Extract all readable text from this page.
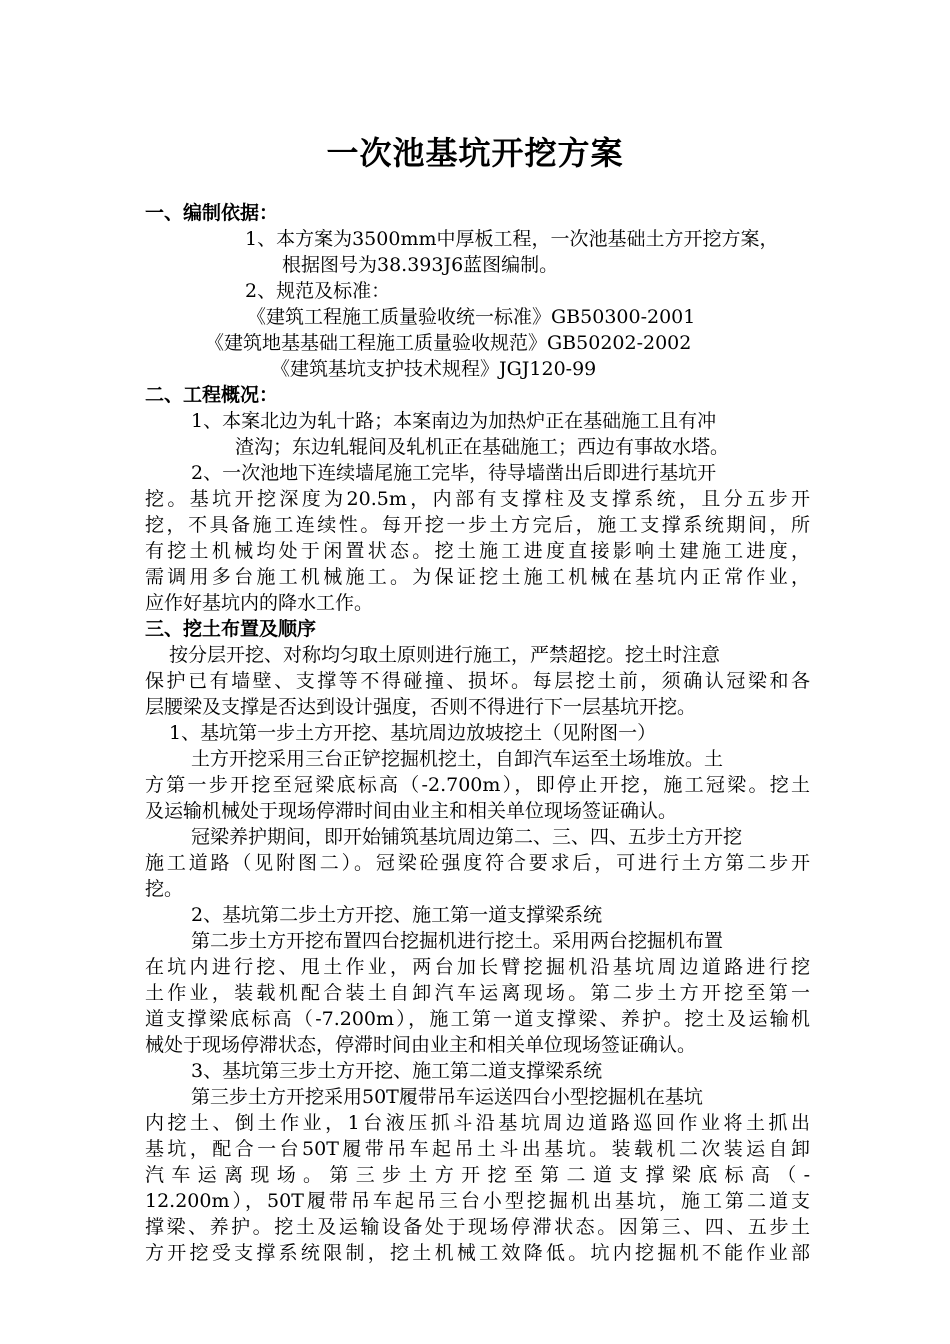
一次池基坑开挖方案
一、编制依据：
1、本方案为3500mm中厚板工程，一次池基础土方开挖方案，
根据图号为38.393J6蓝图编制。
2、规范及标准：
《建筑工程施工质量验收统一标准》GB50300-2001
《建筑地基基础工程施工质量验收规范》GB50202-2002
《建筑基坑支护技术规程》JGJ120-99
二、工程概况：
1、本案北边为轧十路；本案南边为加热炉正在基础施工且有冲
渣沟；东边轧辊间及轧机正在基础施工；西边有事故水塔。
2、一次池地下连续墙尾施工完毕，待导墙凿出后即进行基坑开
挖。基坑开挖深度为20.5m，内部有支撑柱及支撑系统，且分五步开
挖，不具备施工连续性。每开挖一步土方完后，施工支撑系统期间，所
有挖土机械均处于闲置状态。挖土施工进度直接影响土建施工进度，
需调用多台施工机械施工。为保证挖土施工机械在基坑内正常作业，
应作好基坑内的降水工作。
三、挖土布置及顺序
按分层开挖、对称均匀取土原则进行施工，严禁超挖。挖土时注意
保护已有墙壁、支撑等不得碰撞、损坏。每层挖土前，须确认冠梁和各
层腰梁及支撑是否达到设计强度，否则不得进行下一层基坑开挖。
1、基坑第一步土方开挖、基坑周边放坡挖土（见附图一）
土方开挖采用三台正铲挖掘机挖土，自卸汽车运至土场堆放。土
方第一步开挖至冠梁底标高（-2.700m），即停止开挖，施工冠梁。挖土
及运输机械处于现场停滞时间由业主和相关单位现场签证确认。
冠梁养护期间，即开始铺筑基坑周边第二、三、四、五步土方开挖
施工道路（见附图二）。冠梁砼强度符合要求后，可进行土方第二步开
挖。
2、基坑第二步土方开挖、施工第一道支撑梁系统
第二步土方开挖布置四台挖掘机进行挖土。采用两台挖掘机布置
在坑内进行挖、甩土作业，两台加长臂挖掘机沿基坑周边道路进行挖
土作业，装载机配合装土自卸汽车运离现场。第二步土方开挖至第一
道支撑梁底标高（-7.200m），施工第一道支撑梁、养护。挖土及运输机
械处于现场停滞状态，停滞时间由业主和相关单位现场签证确认。
3、基坑第三步土方开挖、施工第二道支撑梁系统
第三步土方开挖采用50T履带吊车运送四台小型挖掘机在基坑
内挖土、倒土作业，1台液压抓斗沿基坑周边道路巡回作业将土抓出
基坑，配合一台50T履带吊车起吊土斗出基坑。装载机二次装运自卸
汽车运离现场。第三步土方开挖至第二道支撑梁底标高（-
12.200m），50T履带吊车起吊三台小型挖掘机出基坑，施工第二道支
撑梁、养护。挖土及运输设备处于现场停滞状态。因第三、四、五步土
方开挖受支撑系统限制，挖土机械工效降低。坑内挖掘机不能作业部
